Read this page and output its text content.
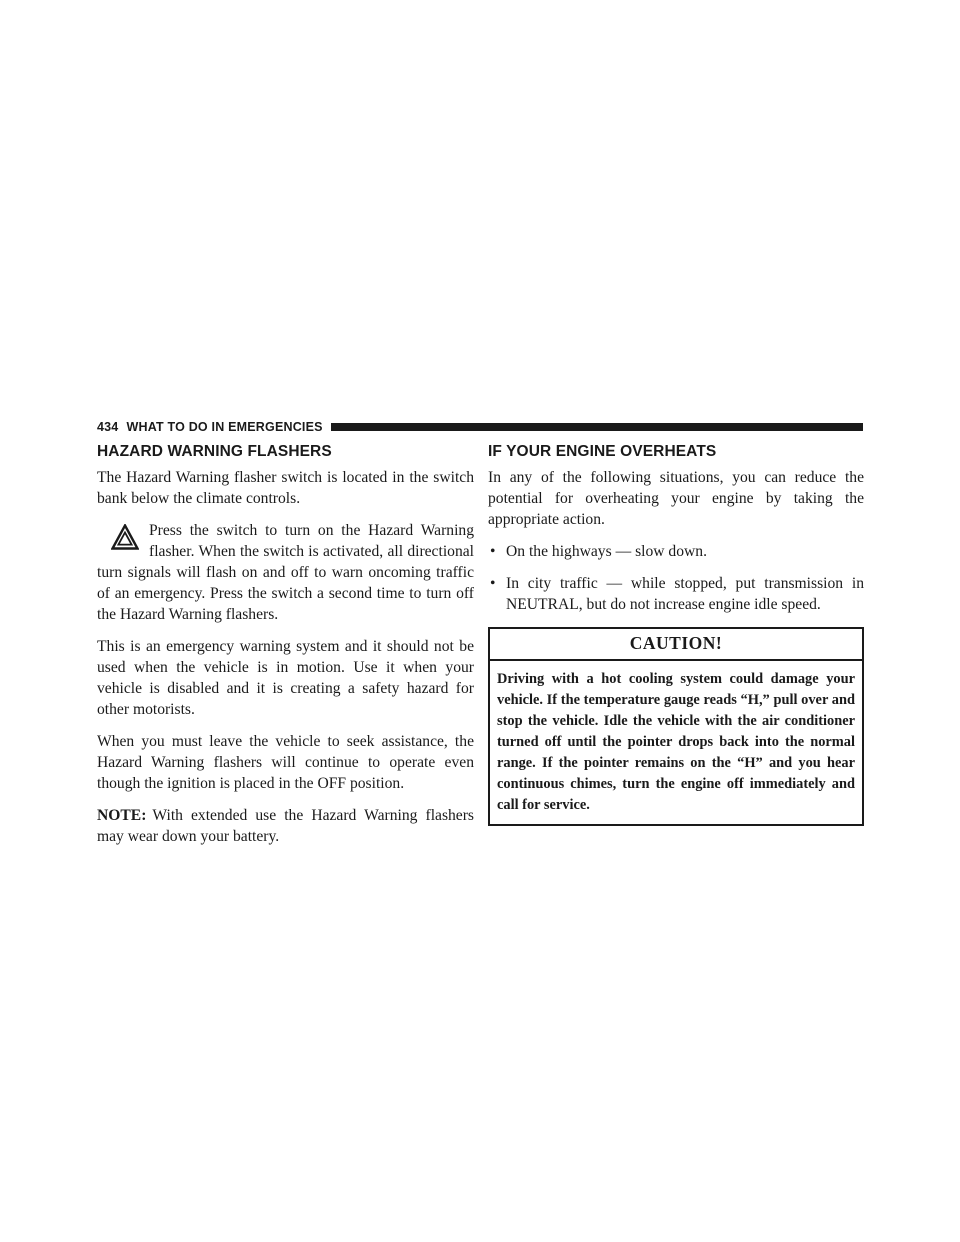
434 WHAT TO DO IN EMERGENCIES
HAZARD WARNING FLASHERS

The Hazard Warning flasher switch is located in the switch bank below the climate controls.

Press the switch to turn on the Hazard Warning flasher. When the switch is activated, all directional turn signals will flash on and off to warn oncoming traffic of an emergency. Press the switch a second time to turn off the Hazard Warning flashers.

This is an emergency warning system and it should not be used when the vehicle is in motion. Use it when your vehicle is disabled and it is creating a safety hazard for other motorists.

When you must leave the vehicle to seek assistance, the Hazard Warning flashers will continue to operate even though the ignition is placed in the OFF position.

NOTE: With extended use the Hazard Warning flashers may wear down your battery.

IF YOUR ENGINE OVERHEATS

In any of the following situations, you can reduce the potential for overheating your engine by taking the appropriate action.

• On the highways — slow down.
• In city traffic — while stopped, put transmission in NEUTRAL, but do not increase engine idle speed.
CAUTION!
Driving with a hot cooling system could damage your vehicle. If the temperature gauge reads “H,” pull over and stop the vehicle. Idle the vehicle with the air conditioner turned off until the pointer drops back into the normal range. If the pointer remains on the “H” and you hear continuous chimes, turn the engine off immediately and call for service.
